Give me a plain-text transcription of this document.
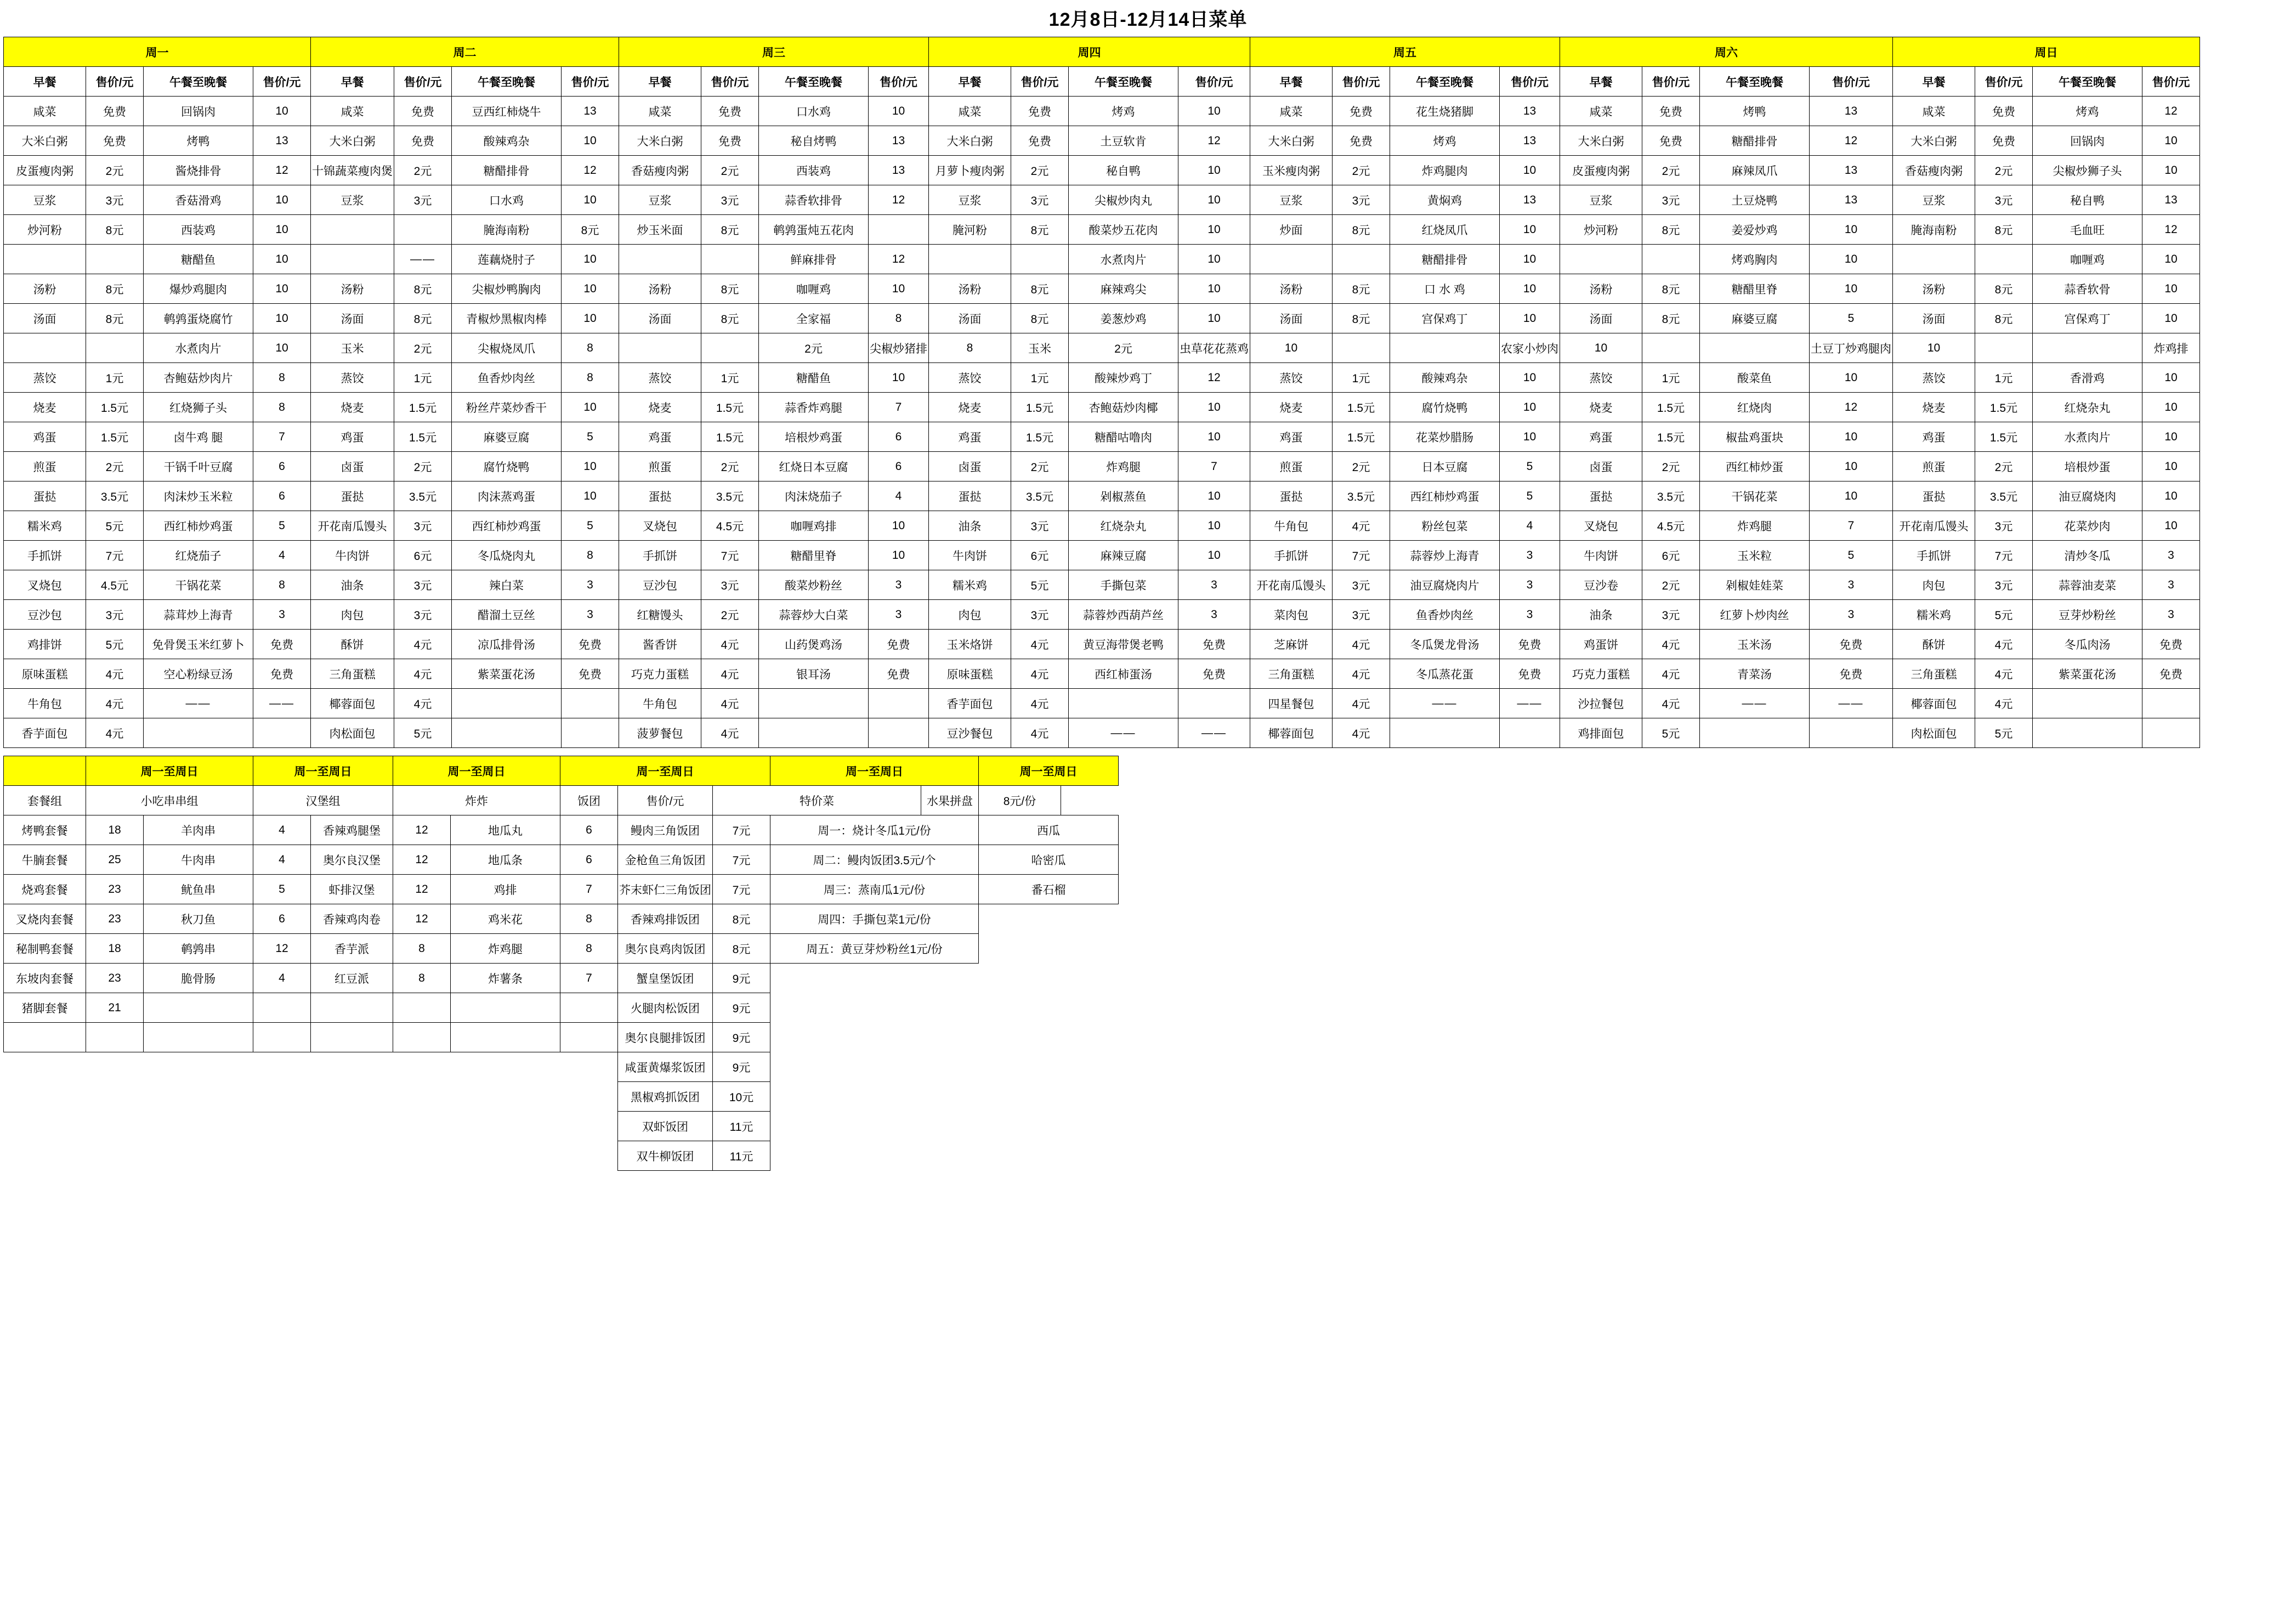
12月8日-12月14日菜单
周一				周二				周三				周四				周五				周六				周日			
早餐	售价/元	午餐至晚餐	售价/元	早餐	售价/元	午餐至晚餐	售价/元	早餐	售价/元	午餐至晚餐	售价/元	早餐	售价/元	午餐至晚餐	售价/元	早餐	售价/元	午餐至晚餐	售价/元	早餐	售价/元	午餐至晚餐	售价/元	早餐	售价/元	午餐至晚餐	售价/元
咸菜	免费	回锅肉	10	咸菜	免费	豆西红柿烧牛	13	咸菜	免费	口水鸡	10	咸菜	免费	烤鸡	10	咸菜	免费	花生烧猪脚	13	咸菜	免费	烤鸭	13	咸菜	免费	烤鸡	12
大米白粥	免费	烤鸭	13	大米白粥	免费	酸辣鸡杂	10	大米白粥	免费	秘自烤鸭	13	大米白粥	免费	土豆软肯	12	大米白粥	免费	烤鸡	13	大米白粥	免费	糖醋排骨	12	大米白粥	免费	回锅肉	10
皮蛋瘦肉粥	2元	酱烧排骨	12	十锦蔬菜瘦肉煲	2元	糖醋排骨	12	香菇瘦肉粥	2元	西装鸡	13	月萝卜瘦肉粥	2元	秘自鸭	10	玉米瘦肉粥	2元	炸鸡腿肉	10	皮蛋瘦肉粥	2元	麻辣凤爪	13	香菇瘦肉粥	2元	尖椒炒狮子头	10
豆浆	3元	香菇滑鸡	10	豆浆	3元	口水鸡	10	豆浆	3元	蒜香软排骨	12	豆浆	3元	尖椒炒肉丸	10	豆浆	3元	黄焖鸡	13	豆浆	3元	土豆烧鸭	13	豆浆	3元	秘自鸭	13
炒河粉	8元	西装鸡	10			腌海南粉	8元	炒玉米面	8元	鹌鹑蛋炖五花肉		腌河粉	8元	酸菜炒五花肉	10	炒面	8元	红烧凤爪	10	炒河粉	8元	姜爱炒鸡	10	腌海南粉	8元	毛血旺	12
		糖醋鱼	10		——	莲藕烧肘子	10			鲜麻排骨	12			水煮肉片	10			糖醋排骨	10			烤鸡胸肉	10			咖喱鸡	10
汤粉	8元	爆炒鸡腿肉	10	汤粉	8元	尖椒炒鸭胸肉	10	汤粉	8元	咖喱鸡	10	汤粉	8元	麻辣鸡尖	10	汤粉	8元	口 水 鸡	10	汤粉	8元	糖醋里脊	10	汤粉	8元	蒜香软骨	10
汤面	8元	鹌鹑蛋烧腐竹	10	汤面	8元	青椒炒黑椒肉棒	10	汤面	8元	全家福	8	汤面	8元	姜葱炒鸡	10	汤面	8元	宫保鸡丁	10	汤面	8元	麻婆豆腐	5	汤面	8元	宫保鸡丁	10
		水煮肉片	10	玉米	2元	尖椒烧凤爪	8			2元	尖椒炒猪排	8	玉米	2元	虫草花花蒸鸡	10			农家小炒肉	10			土豆丁炒鸡腿肉	10			炸鸡排
蒸饺	1元	杏鲍菇炒肉片	8	蒸饺	1元	鱼香炒肉丝	8	蒸饺	1元	糖醋鱼	10	蒸饺	1元	酸辣炒鸡丁	12	蒸饺	1元	酸辣鸡杂	10	蒸饺	1元	酸菜鱼	10	蒸饺	1元	香滑鸡	10
烧麦	1.5元	红烧狮子头	8	烧麦	1.5元	粉丝芹菜炒香干	10	烧麦	1.5元	蒜香炸鸡腿	7	烧麦	1.5元	杏鲍菇炒肉椰	10	烧麦	1.5元	腐竹烧鸭	10	烧麦	1.5元	红烧肉	12	烧麦	1.5元	红烧杂丸	10
鸡蛋	1.5元	卤牛鸡 腿	7	鸡蛋	1.5元	麻婆豆腐	5	鸡蛋	1.5元	培根炒鸡蛋	6	鸡蛋	1.5元	糖醋咕噜肉	10	鸡蛋	1.5元	花菜炒腊肠	10	鸡蛋	1.5元	椒盐鸡蛋块	10	鸡蛋	1.5元	水煮肉片	10
煎蛋	2元	干锅千叶豆腐	6	卤蛋	2元	腐竹烧鸭	10	煎蛋	2元	红烧日本豆腐	6	卤蛋	2元	炸鸡腿	7	煎蛋	2元	日本豆腐	5	卤蛋	2元	西红柿炒蛋	10	煎蛋	2元	培根炒蛋	10
蛋挞	3.5元	肉沫炒玉米粒	6	蛋挞	3.5元	肉沫蒸鸡蛋	10	蛋挞	3.5元	肉沫烧茄子	4	蛋挞	3.5元	剁椒蒸鱼	10	蛋挞	3.5元	西红柿炒鸡蛋	5	蛋挞	3.5元	干锅花菜	10	蛋挞	3.5元	油豆腐烧肉	10
糯米鸡	5元	西红柿炒鸡蛋	5	开花南瓜馒头	3元	西红柿炒鸡蛋	5	叉烧包	4.5元	咖喱鸡排	10	油条	3元	红烧杂丸	10	牛角包	4元	粉丝包菜	4	叉烧包	4.5元	炸鸡腿	7	开花南瓜馒头	3元	花菜炒肉	10
手抓饼	7元	红烧茄子	4	牛肉饼	6元	冬瓜烧肉丸	8	手抓饼	7元	糖醋里脊	10	牛肉饼	6元	麻辣豆腐	10	手抓饼	7元	蒜蓉炒上海青	3	牛肉饼	6元	玉米粒	5	手抓饼	7元	清炒冬瓜	3
叉烧包	4.5元	干锅花菜	8	油条	3元	辣白菜	3	豆沙包	3元	酸菜炒粉丝	3	糯米鸡	5元	手撕包菜	3	开花南瓜馒头	3元	油豆腐烧肉片	3	豆沙卷	2元	剁椒娃娃菜	3	肉包	3元	蒜蓉油麦菜	3
豆沙包	3元	蒜茸炒上海青	3	肉包	3元	醋溜土豆丝	3	红糖馒头	2元	蒜蓉炒大白菜	3	肉包	3元	蒜蓉炒西葫芦丝	3	菜肉包	3元	鱼香炒肉丝	3	油条	3元	红萝卜炒肉丝	3	糯米鸡	5元	豆芽炒粉丝	3
鸡排饼	5元	免骨煲玉米红萝卜	免费	酥饼	4元	凉瓜排骨汤	免费	酱香饼	4元	山药煲鸡汤	免费	玉米烙饼	4元	黄豆海带煲老鸭	免费	芝麻饼	4元	冬瓜煲龙骨汤	免费	鸡蛋饼	4元	玉米汤	免费	酥饼	4元	冬瓜肉汤	免费
原味蛋糕	4元	空心粉绿豆汤	免费	三角蛋糕	4元	紫菜蛋花汤	免费	巧克力蛋糕	4元	银耳汤	免费	原味蛋糕	4元	西红柿蛋汤	免费	三角蛋糕	4元	冬瓜蒸花蛋	免费	巧克力蛋糕	4元	青菜汤	免费	三角蛋糕	4元	紫菜蛋花汤	免费
牛角包	4元	——	——	椰蓉面包	4元			牛角包	4元			香芋面包	4元			四星餐包	4元	——	——	沙拉餐包	4元	——	——	椰蓉面包	4元		
香芋面包	4元			肉松面包	5元			菠萝餐包	4元			豆沙餐包	4元	——	——	椰蓉面包	4元			鸡排面包	5元			肉松面包	5元		
	周一至周日		周一至周日		周一至周日		周一至周日			周一至周日		周一至周日
套餐组	小吃串串组		汉堡组		炸炸		饭团	售价/元	特价菜		水果拼盘	8元/份
烤鸭套餐	18	羊肉串	4	香辣鸡腿堡	12	地瓜丸	6	鳗肉三角饭团	7元	周一：烧计冬瓜1元/份		西瓜
牛腩套餐	25	牛肉串	4	奥尔良汉堡	12	地瓜条	6	金枪鱼三角饭团	7元	周二：鳗肉饭团3.5元/个		哈密瓜
烧鸡套餐	23	鱿鱼串	5	虾排汉堡	12	鸡排	7	芥末虾仁三角饭团	7元	周三：蒸南瓜1元/份		番石榴
叉烧肉套餐	23	秋刀鱼	6	香辣鸡肉卷	12	鸡米花	8	香辣鸡排饭团	8元	周四：手撕包菜1元/份		
秘制鸭套餐	18	鹌鹑串	12	香芋派	8	炸鸡腿	8	奥尔良鸡肉饭团	8元	周五：黄豆芽炒粉丝1元/份		
东坡肉套餐	23	脆骨肠	4	红豆派	8	炸薯条	7	蟹皇堡饭团	9元			
猪脚套餐	21							火腿肉松饭团	9元			
								奥尔良腿排饭团	9元			
								咸蛋黄爆浆饭团	9元			
								黑椒鸡抓饭团	10元			
								双虾饭团	11元			
								双牛柳饭团	11元			
